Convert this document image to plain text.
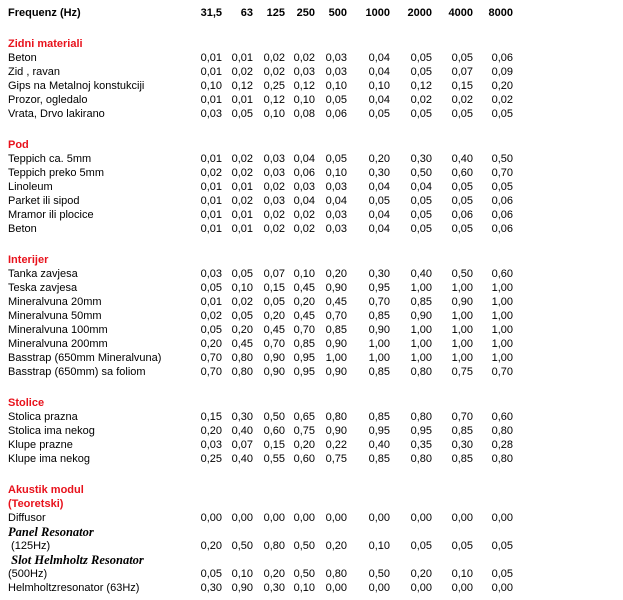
Frequenz (Hz)	31,5	63	125	250	500	1000	2000	4000	8000
Zidni materiali									
Beton	0,01	0,01	0,02	0,02	0,03	0,04	0,05	0,05	0,06
Zid , ravan	0,01	0,02	0,02	0,03	0,03	0,04	0,05	0,07	0,09
Gips na Metalnoj konstukciji	0,10	0,12	0,25	0,12	0,10	0,10	0,12	0,15	0,20
Prozor, ogledalo	0,01	0,01	0,12	0,10	0,05	0,04	0,02	0,02	0,02
Vrata, Drvo lakirano	0,03	0,05	0,10	0,08	0,06	0,05	0,05	0,05	0,05
Pod									
Teppich ca. 5mm	0,01	0,02	0,03	0,04	0,05	0,20	0,30	0,40	0,50
Teppich preko 5mm	0,02	0,02	0,03	0,06	0,10	0,30	0,50	0,60	0,70
Linoleum	0,01	0,01	0,02	0,03	0,03	0,04	0,04	0,05	0,05
Parket ili sipod	0,01	0,02	0,03	0,04	0,04	0,05	0,05	0,05	0,06
Mramor ili plocice	0,01	0,01	0,02	0,02	0,03	0,04	0,05	0,06	0,06
Beton	0,01	0,01	0,02	0,02	0,03	0,04	0,05	0,05	0,06
Interijer									
Tanka zavjesa	0,03	0,05	0,07	0,10	0,20	0,30	0,40	0,50	0,60
Teska zavjesa	0,05	0,10	0,15	0,45	0,90	0,95	1,00	1,00	1,00
Mineralvuna 20mm	0,01	0,02	0,05	0,20	0,45	0,70	0,85	0,90	1,00
Mineralvuna 50mm	0,02	0,05	0,20	0,45	0,70	0,85	0,90	1,00	1,00
Mineralvuna 100mm	0,05	0,20	0,45	0,70	0,85	0,90	1,00	1,00	1,00
Mineralvuna 200mm	0,20	0,45	0,70	0,85	0,90	1,00	1,00	1,00	1,00
Basstrap (650mm Mineralvuna)	0,70	0,80	0,90	0,95	1,00	1,00	1,00	1,00	1,00
Basstrap (650mm) sa foliom	0,70	0,80	0,90	0,95	0,90	0,85	0,80	0,75	0,70
Stolice									
Stolica prazna	0,15	0,30	0,50	0,65	0,80	0,85	0,80	0,70	0,60
Stolica ima nekog	0,20	0,40	0,60	0,75	0,90	0,95	0,95	0,85	0,80
Klupe prazne	0,03	0,07	0,15	0,20	0,22	0,40	0,35	0,30	0,28
Klupe ima nekog	0,25	0,40	0,55	0,60	0,75	0,85	0,80	0,85	0,80
Akustik modul									
(Teoretski)									
Diffusor	0,00	0,00	0,00	0,00	0,00	0,00	0,00	0,00	0,00
Panel Resonator									
(125Hz)	0,20	0,50	0,80	0,50	0,20	0,10	0,05	0,05	0,05
Slot Helmholtz Resonator									
(500Hz)	0,05	0,10	0,20	0,50	0,80	0,50	0,20	0,10	0,05
Helmholtzresonator (63Hz)	0,30	0,90	0,30	0,10	0,00	0,00	0,00	0,00	0,00
